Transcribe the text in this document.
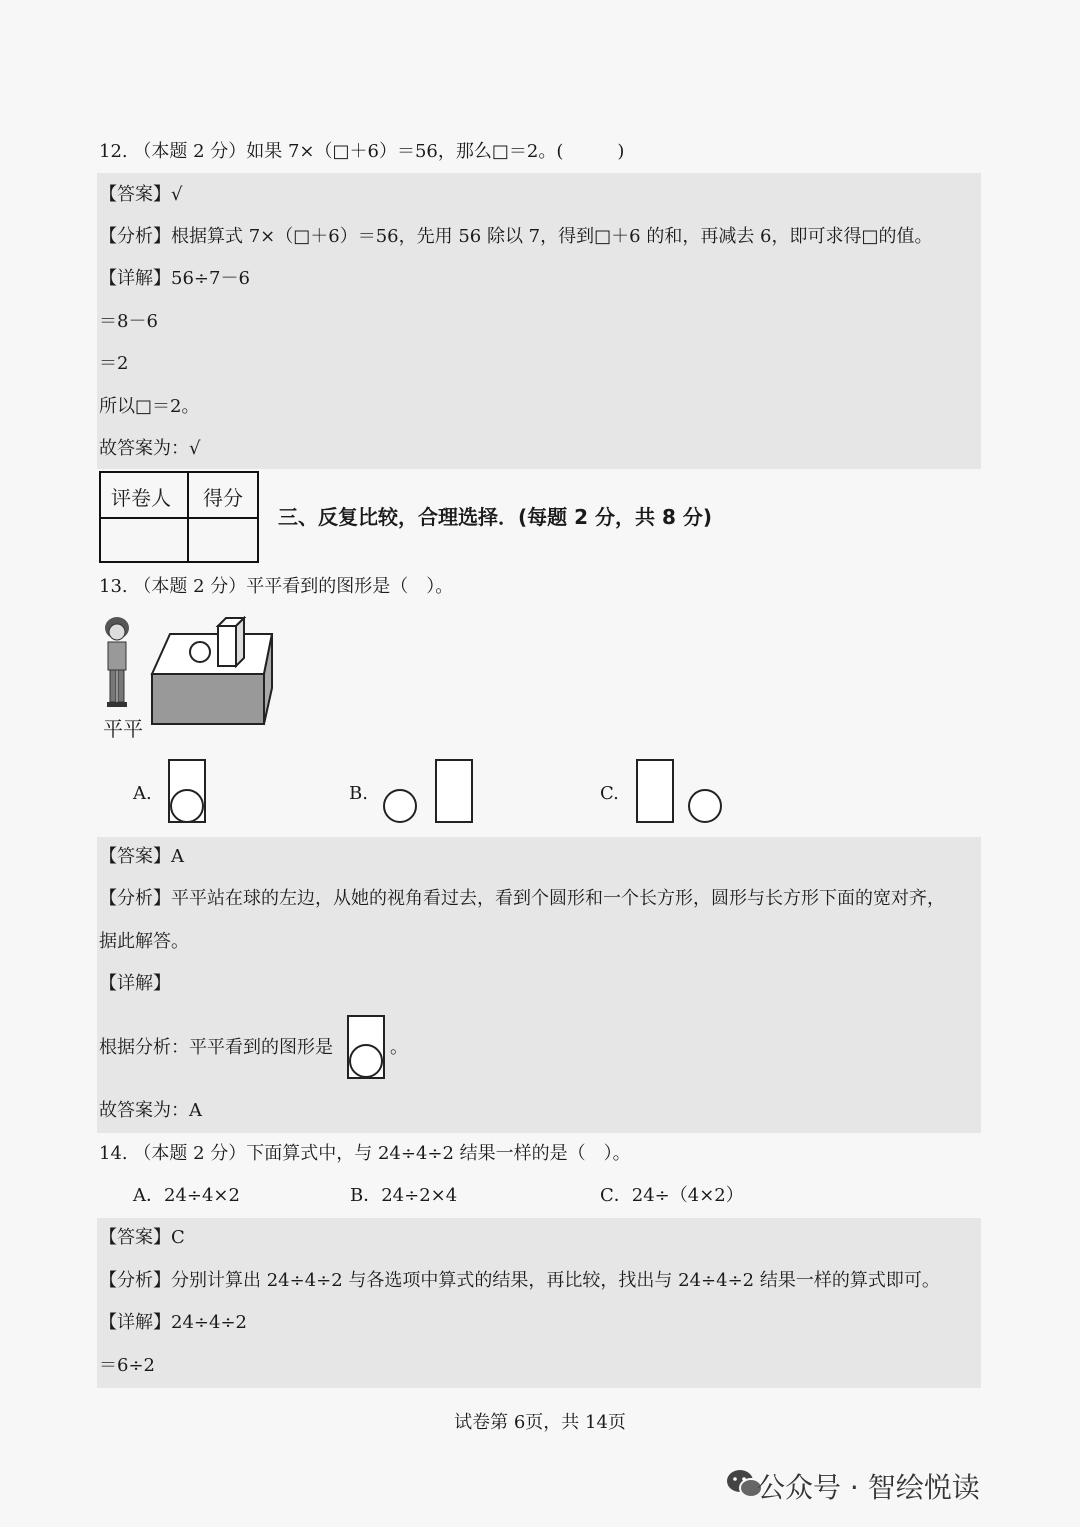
12. （本题 2 分）如果 7×（□＋6）＝56，那么□＝2。(　　　)
【答案】√
【分析】根据算式 7×（□＋6）＝56，先用 56 除以 7，得到□＋6 的和，再减去 6，即可求得□的值。
【详解】56÷7－6
＝8－6
＝2
所以□＝2。
故答案为：√
评卷人 得分
三、反复比较，合理选择．(每题 2 分，共 8 分)
13. （本题 2 分）平平看到的图形是（　）。
平平
A.	B.	C.
【答案】A
【分析】平平站在球的左边，从她的视角看过去，看到个圆形和一个长方形，圆形与长方形下面的宽对齐，
据此解答。
【详解】
根据分析：平平看到的图形是	。
故答案为：A
14. （本题 2 分）下面算式中，与 24÷4÷2 结果一样的是（　）。
A．24÷4×2	B．24÷2×4	C．24÷（4×2）
【答案】C
【分析】分别计算出 24÷4÷2 与各选项中算式的结果，再比较，找出与 24÷4÷2 结果一样的算式即可。
【详解】24÷4÷2
＝6÷2
试卷第 6页，共 14页
公众号 · 智绘悦读
